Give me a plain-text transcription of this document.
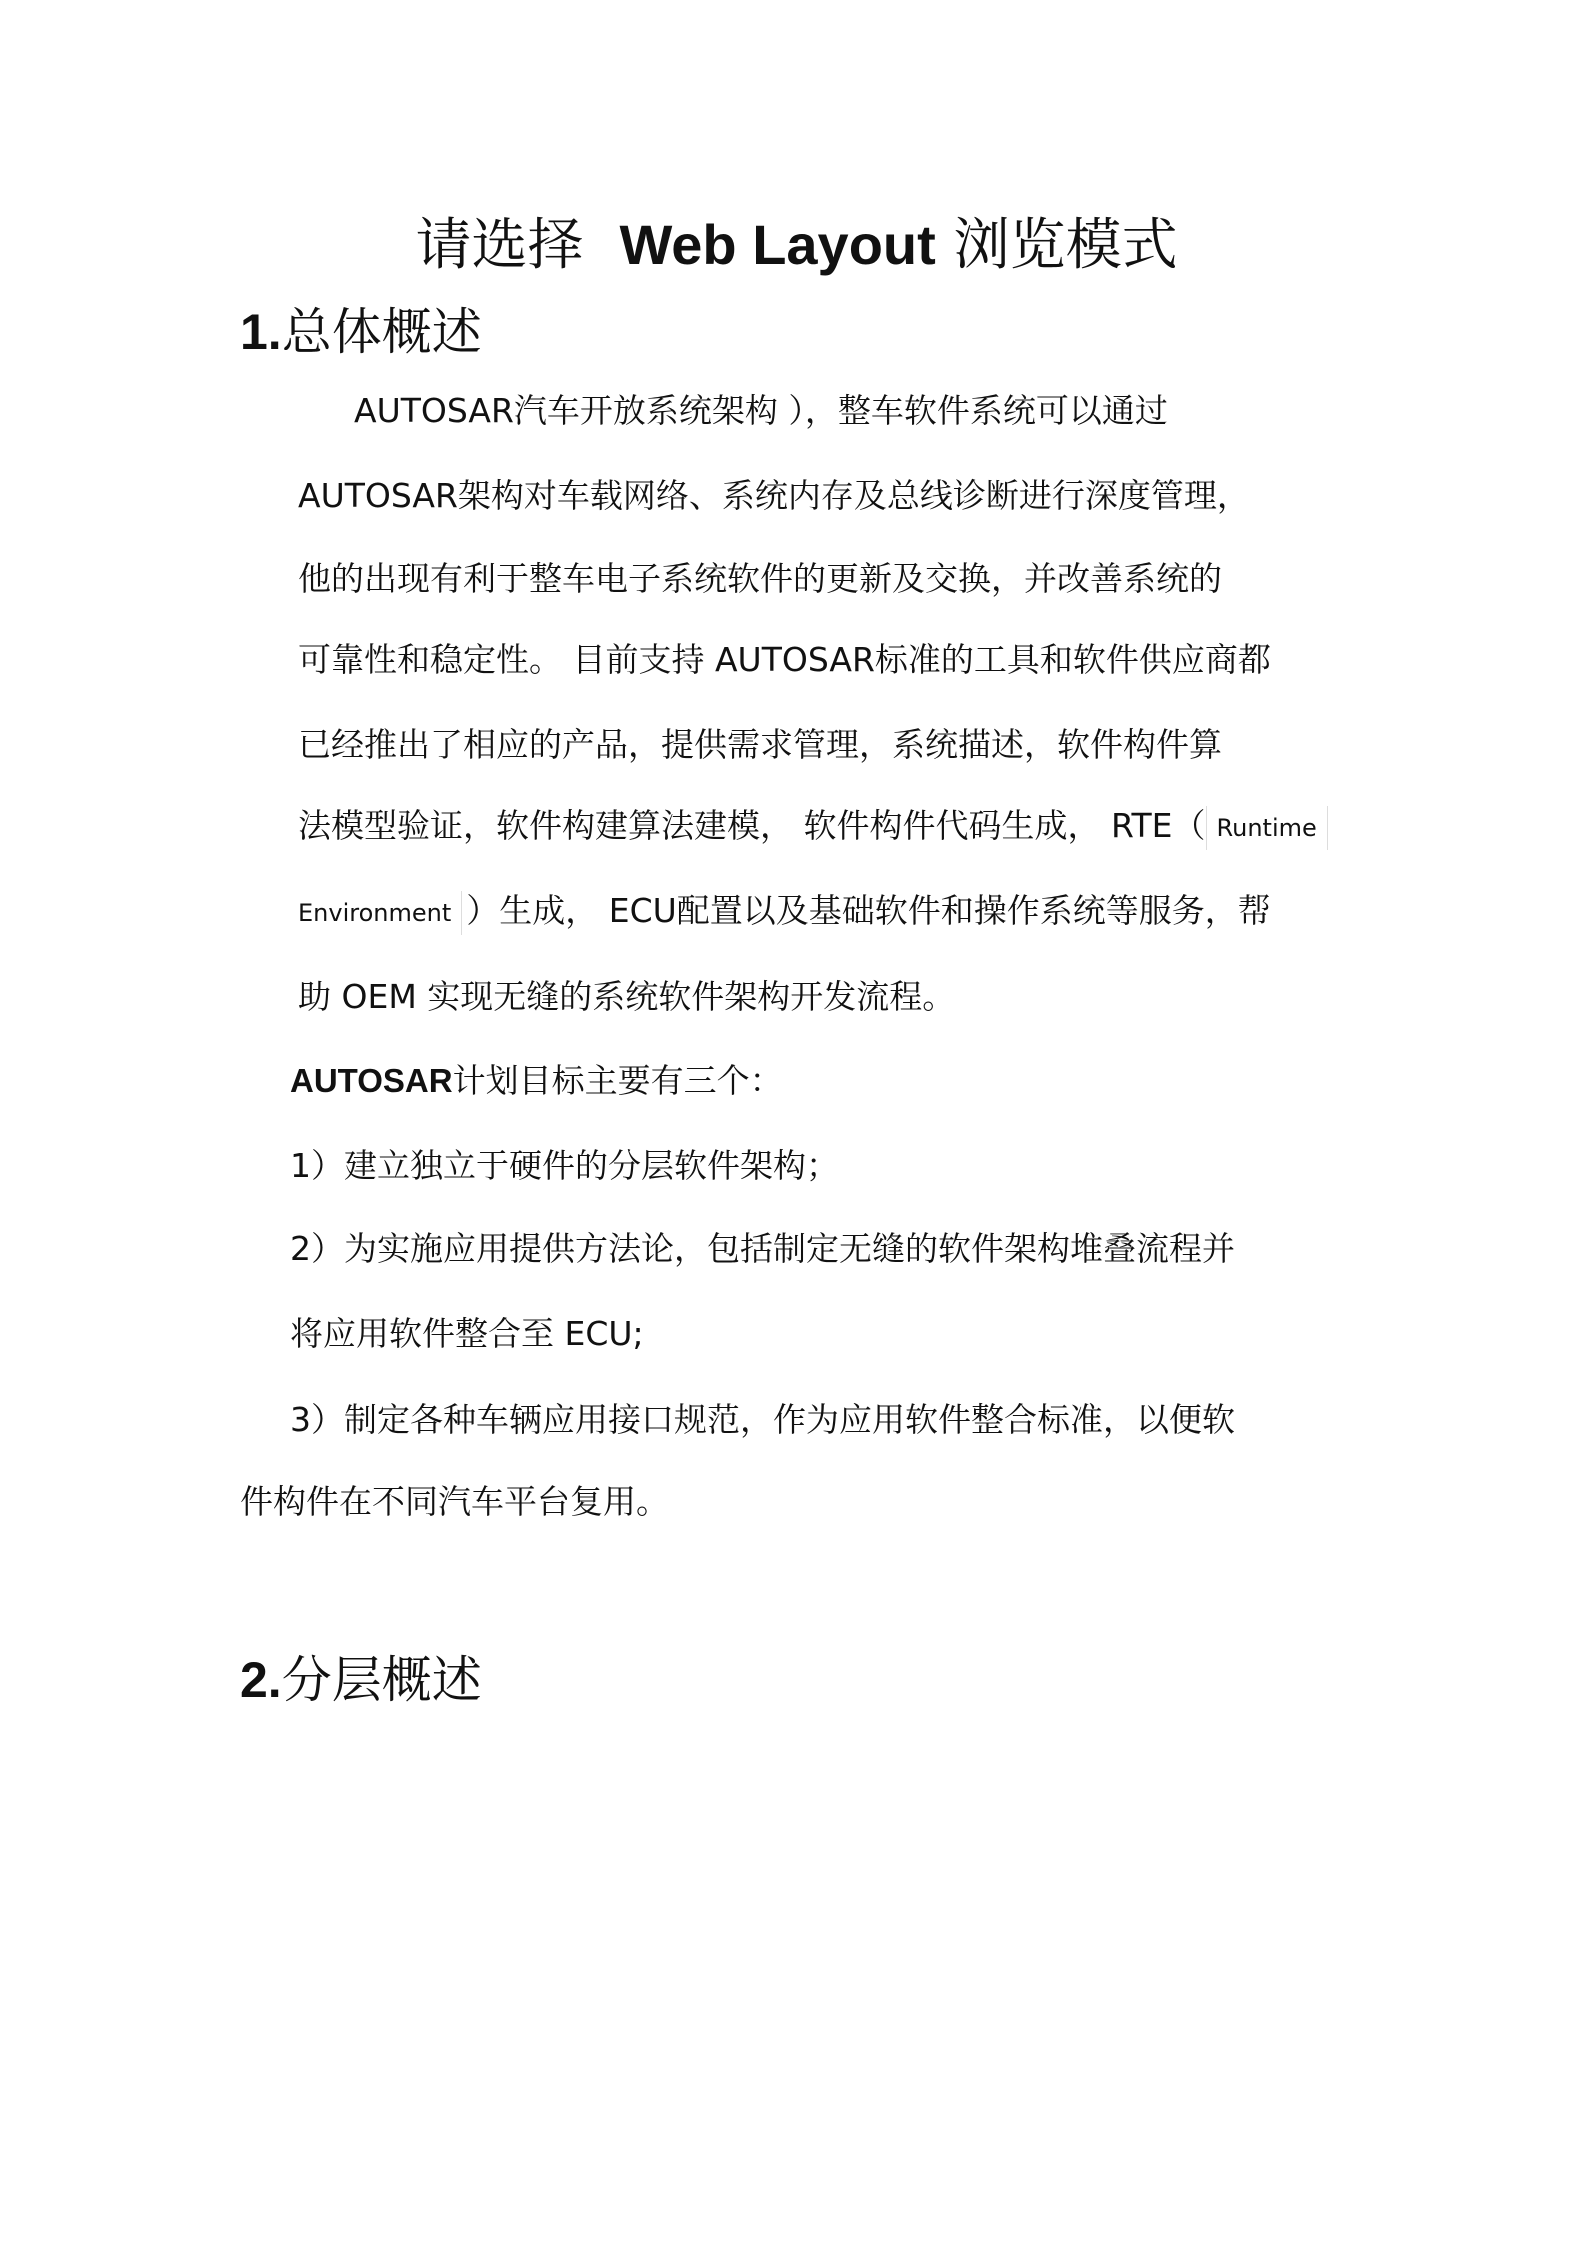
请选择 Web Layout 浏览模式
1.总体概述
AUTOSAR汽车开放系统架构 ），整车软件系统可以通过
AUTOSAR架构对车载网络、系统内存及总线诊断进行深度管理，
他的出现有利于整车电子系统软件的更新及交换，并改善系统的
可靠性和稳定性。 目前支持 AUTOSAR标准的工具和软件供应商都
已经推出了相应的产品，提供需求管理，系统描述，软件构件算
法模型验证，软件构建算法建模， 软件构件代码生成， RTE（ Runtime
Environment ）生成， ECU配置以及基础软件和操作系统等服务，帮
助 OEM 实现无缝的系统软件架构开发流程。
AUTOSAR计划目标主要有三个：
1）建立独立于硬件的分层软件架构；
2）为实施应用提供方法论，包括制定无缝的软件架构堆叠流程并
将应用软件整合至 ECU;
3）制定各种车辆应用接口规范，作为应用软件整合标准，以便软
件构件在不同汽车平台复用。
2.分层概述
